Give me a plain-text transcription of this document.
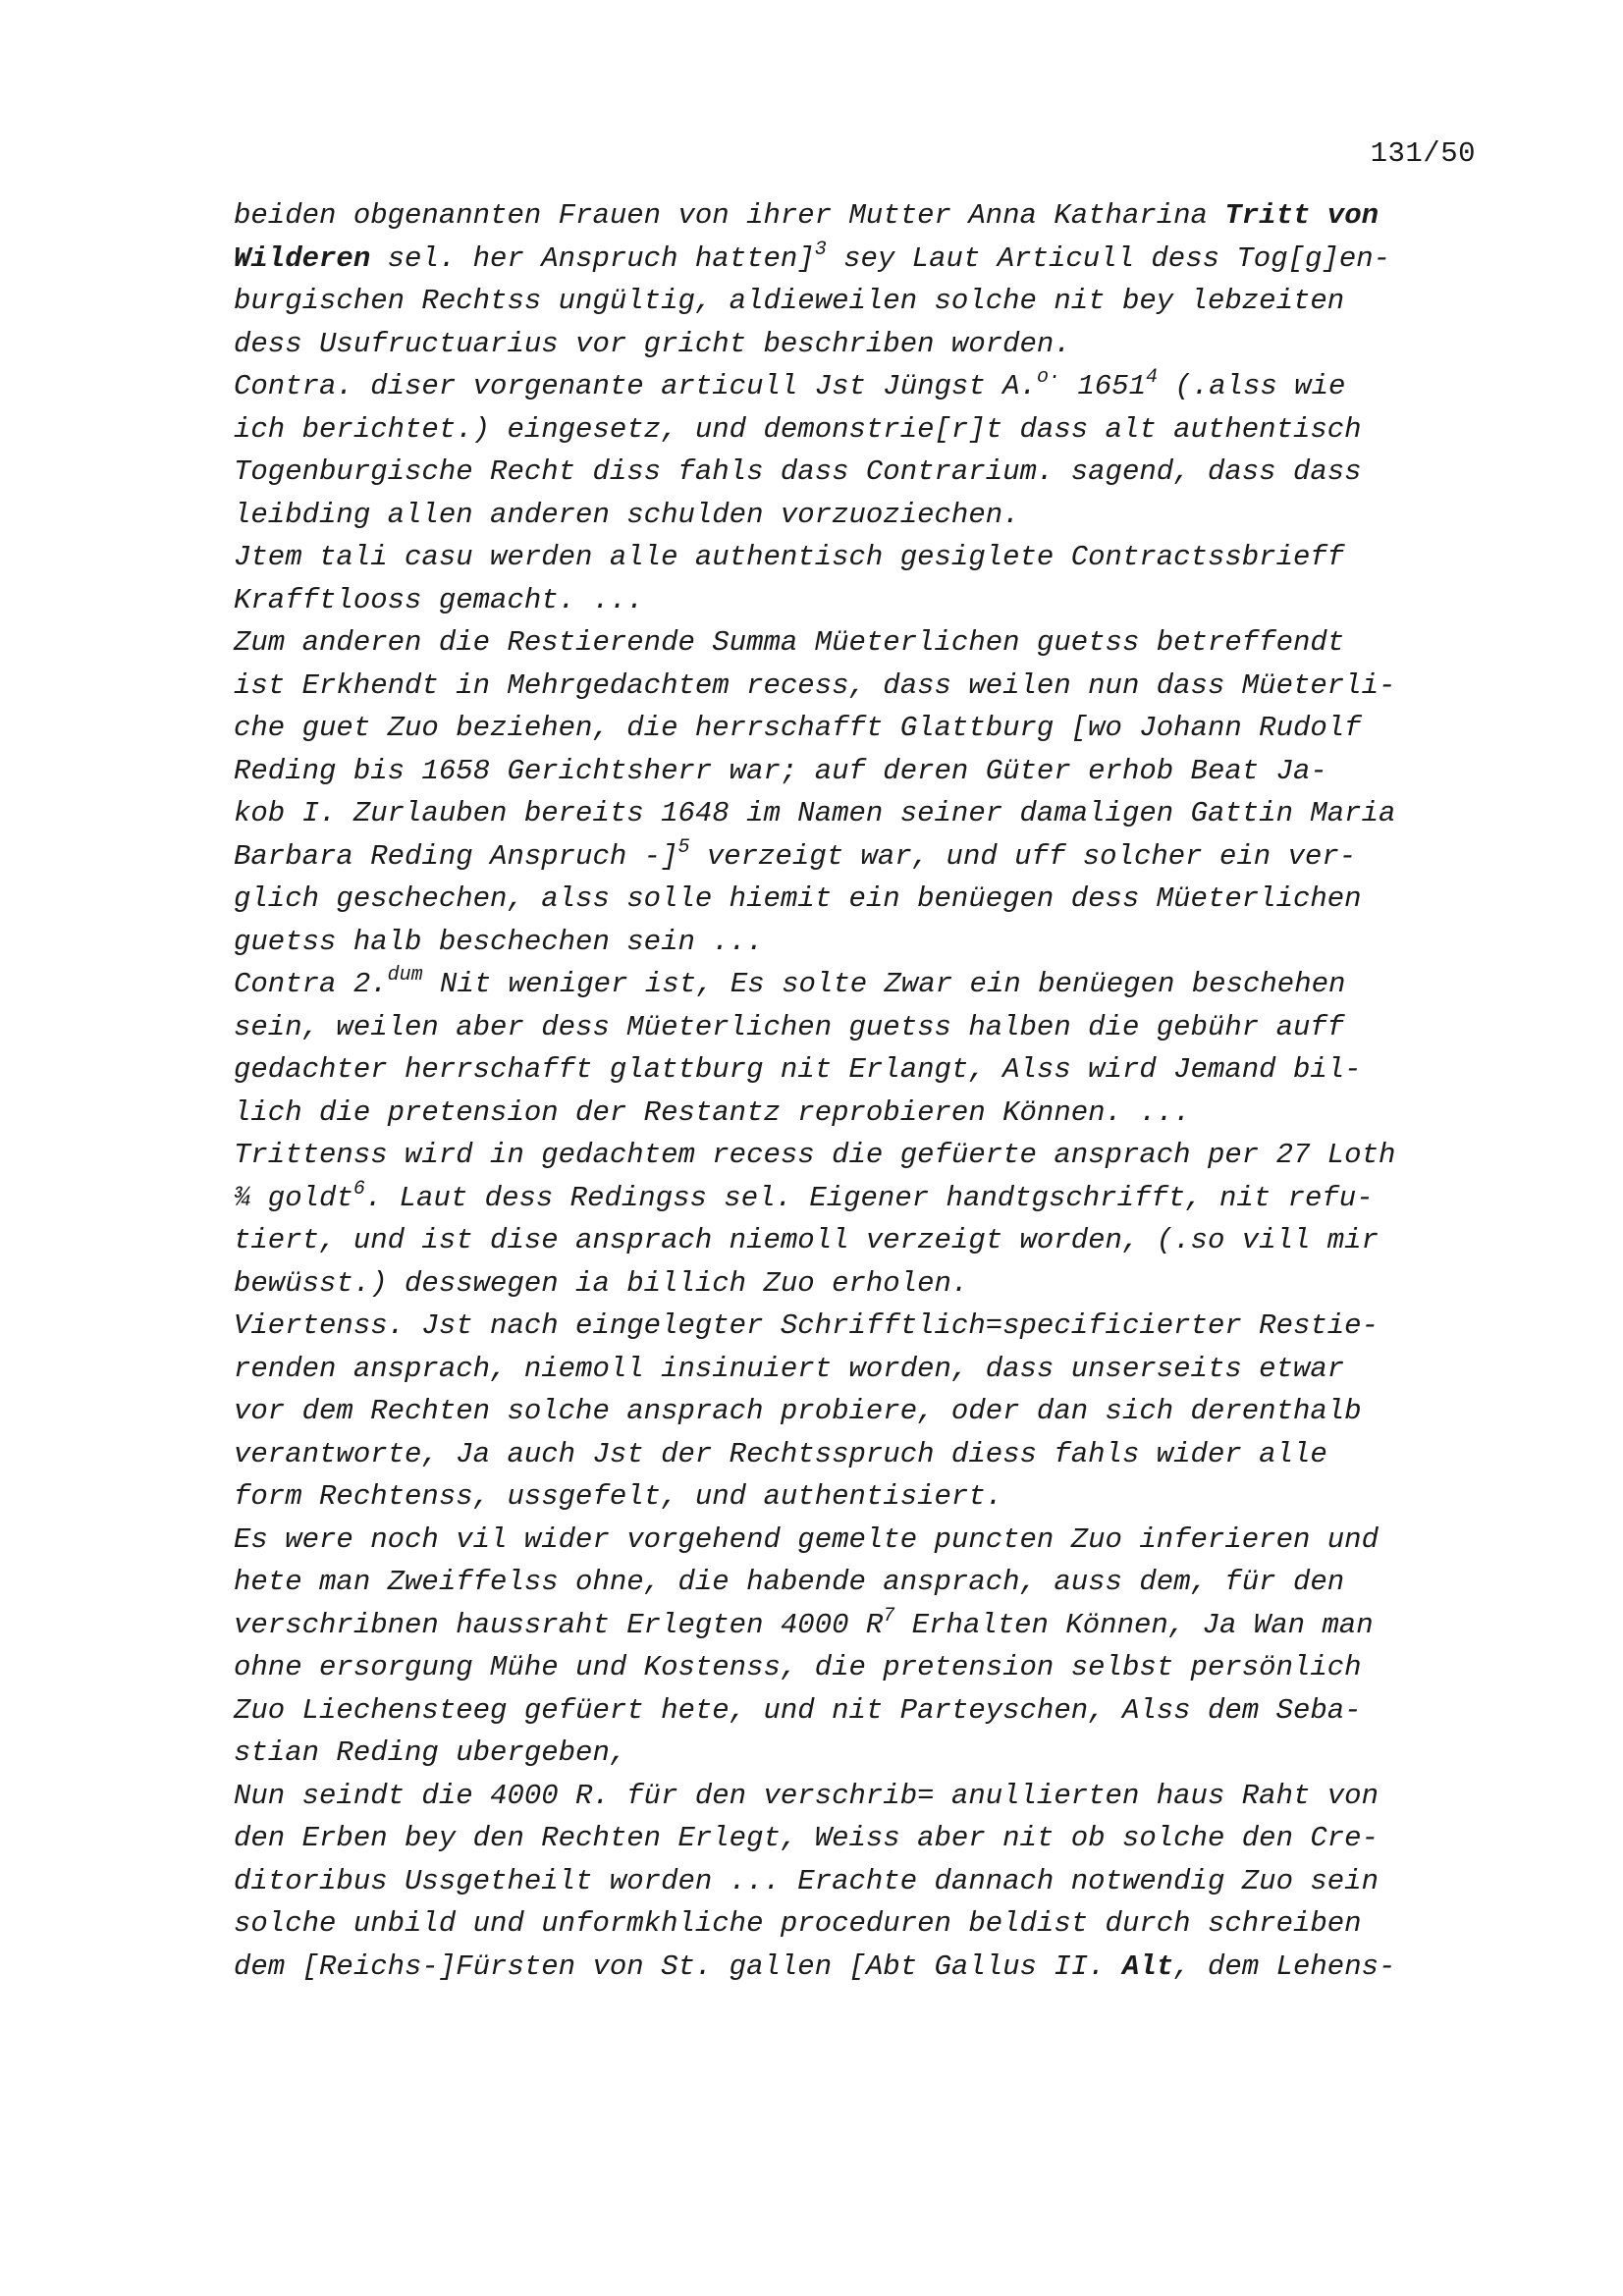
131/50

beiden obgenannten Frauen von ihrer Mutter Anna Katharina Tritt von
Wilderen sel. her Anspruch hatten]$^3$ sey Laut Articull dess Tog[g]en-
burgischen Rechtss ungültig, aldieweilen solche nit bey lebzeiten
dess Usufructuarius vor gricht beschriben worden.

Contra. diser vorgenante articull Jst Jüngst A.$^{o\cdot}$ 1651$^4$ (.alss wie
ich berichtet.) eingesetz, und demonstrie[r]t dass alt authentisch
Togenburgische Recht diss fahls dass Contrarium. sagend, dass dass
leibding allen anderen schulden vorzuoziechen.

Jtem tali casu werden alle authentisch gesiglete Contractssbrieff
Krafftlooss gemacht. ...

Zum anderen die Restierende Summa Müeterlichen guetss betreffendt
ist Erkhendt in Mehrgedachtem recess, dass weilen nun dass Müeterli-
che guet Zuo beziehen, die herrschafft Glattburg [wo Johann Rudolf
Reding bis 1658 Gerichtsherr war; auf deren Güter erhob Beat Ja-
kob I. Zurlauben bereits 1648 im Namen seiner damaligen Gattin Maria
Barbara Reding Anspruch -]$^5$ verzeigt war, und uff solcher ein ver-
glich geschechen, alss solle hiemit ein benüegen dess Müeterlichen
guetss halb beschechen sein ...

Contra 2.$^{dum}$ Nit weniger ist, Es solte Zwar ein benüegen beschehen
sein, weilen aber dess Müeterlichen guetss halben die gebühr auff
gedachter herrschafft glattburg nit Erlangt, Alss wird Jemand bil-
lich die pretension der Restantz reprobieren Können. ...

Trittenss wird in gedachtem recess die gefüerte ansprach per 27 Loth
¾ goldt$^6$. Laut dess Redingss sel. Eigener handtgschrifft, nit refu-
tiert, und ist dise ansprach niemoll verzeigt worden, (.so vill mir
bewüsst.) desswegen ia billich Zuo erholen.

Viertenss. Jst nach eingelegter Schrifftlich=specificierter Restie-
renden ansprach, niemoll insinuiert worden, dass unserseits etwar
vor dem Rechten solche ansprach probiere, oder dan sich derenthalb
verantworte, Ja auch Jst der Rechtsspruch diess fahls wider alle
form Rechtenss, ussgefelt, und authentisiert.

Es were noch vil wider vorgehend gemelte puncten Zuo inferieren und
hete man Zweiffelss ohne, die habende ansprach, auss dem, für den
verschribnen haussraht Erlegten 4000 $R^7$ Erhalten Können, Ja Wan man
ohne ersorgung Mühe und Kostenss, die pretension selbst persönlich
Zuo Liechensteeg gefüert hete, und nit Parteyschen, Alss dem Seba-
stian Reding ubergeben,

Nun seindt die 4000 R. für den verschrib= anullierten haus Raht von
den Erben bey den Rechten Erlegt, Weiss aber nit ob solche den Cre-
ditoribus Ussgetheilt worden ... Erachte dannach notwendig Zuo sein
solche unbild und unformkhliche proceduren beldist durch schreiben
dem [Reichs-]Fürsten von St. gallen [Abt Gallus II. Alt, dem Lehens-
